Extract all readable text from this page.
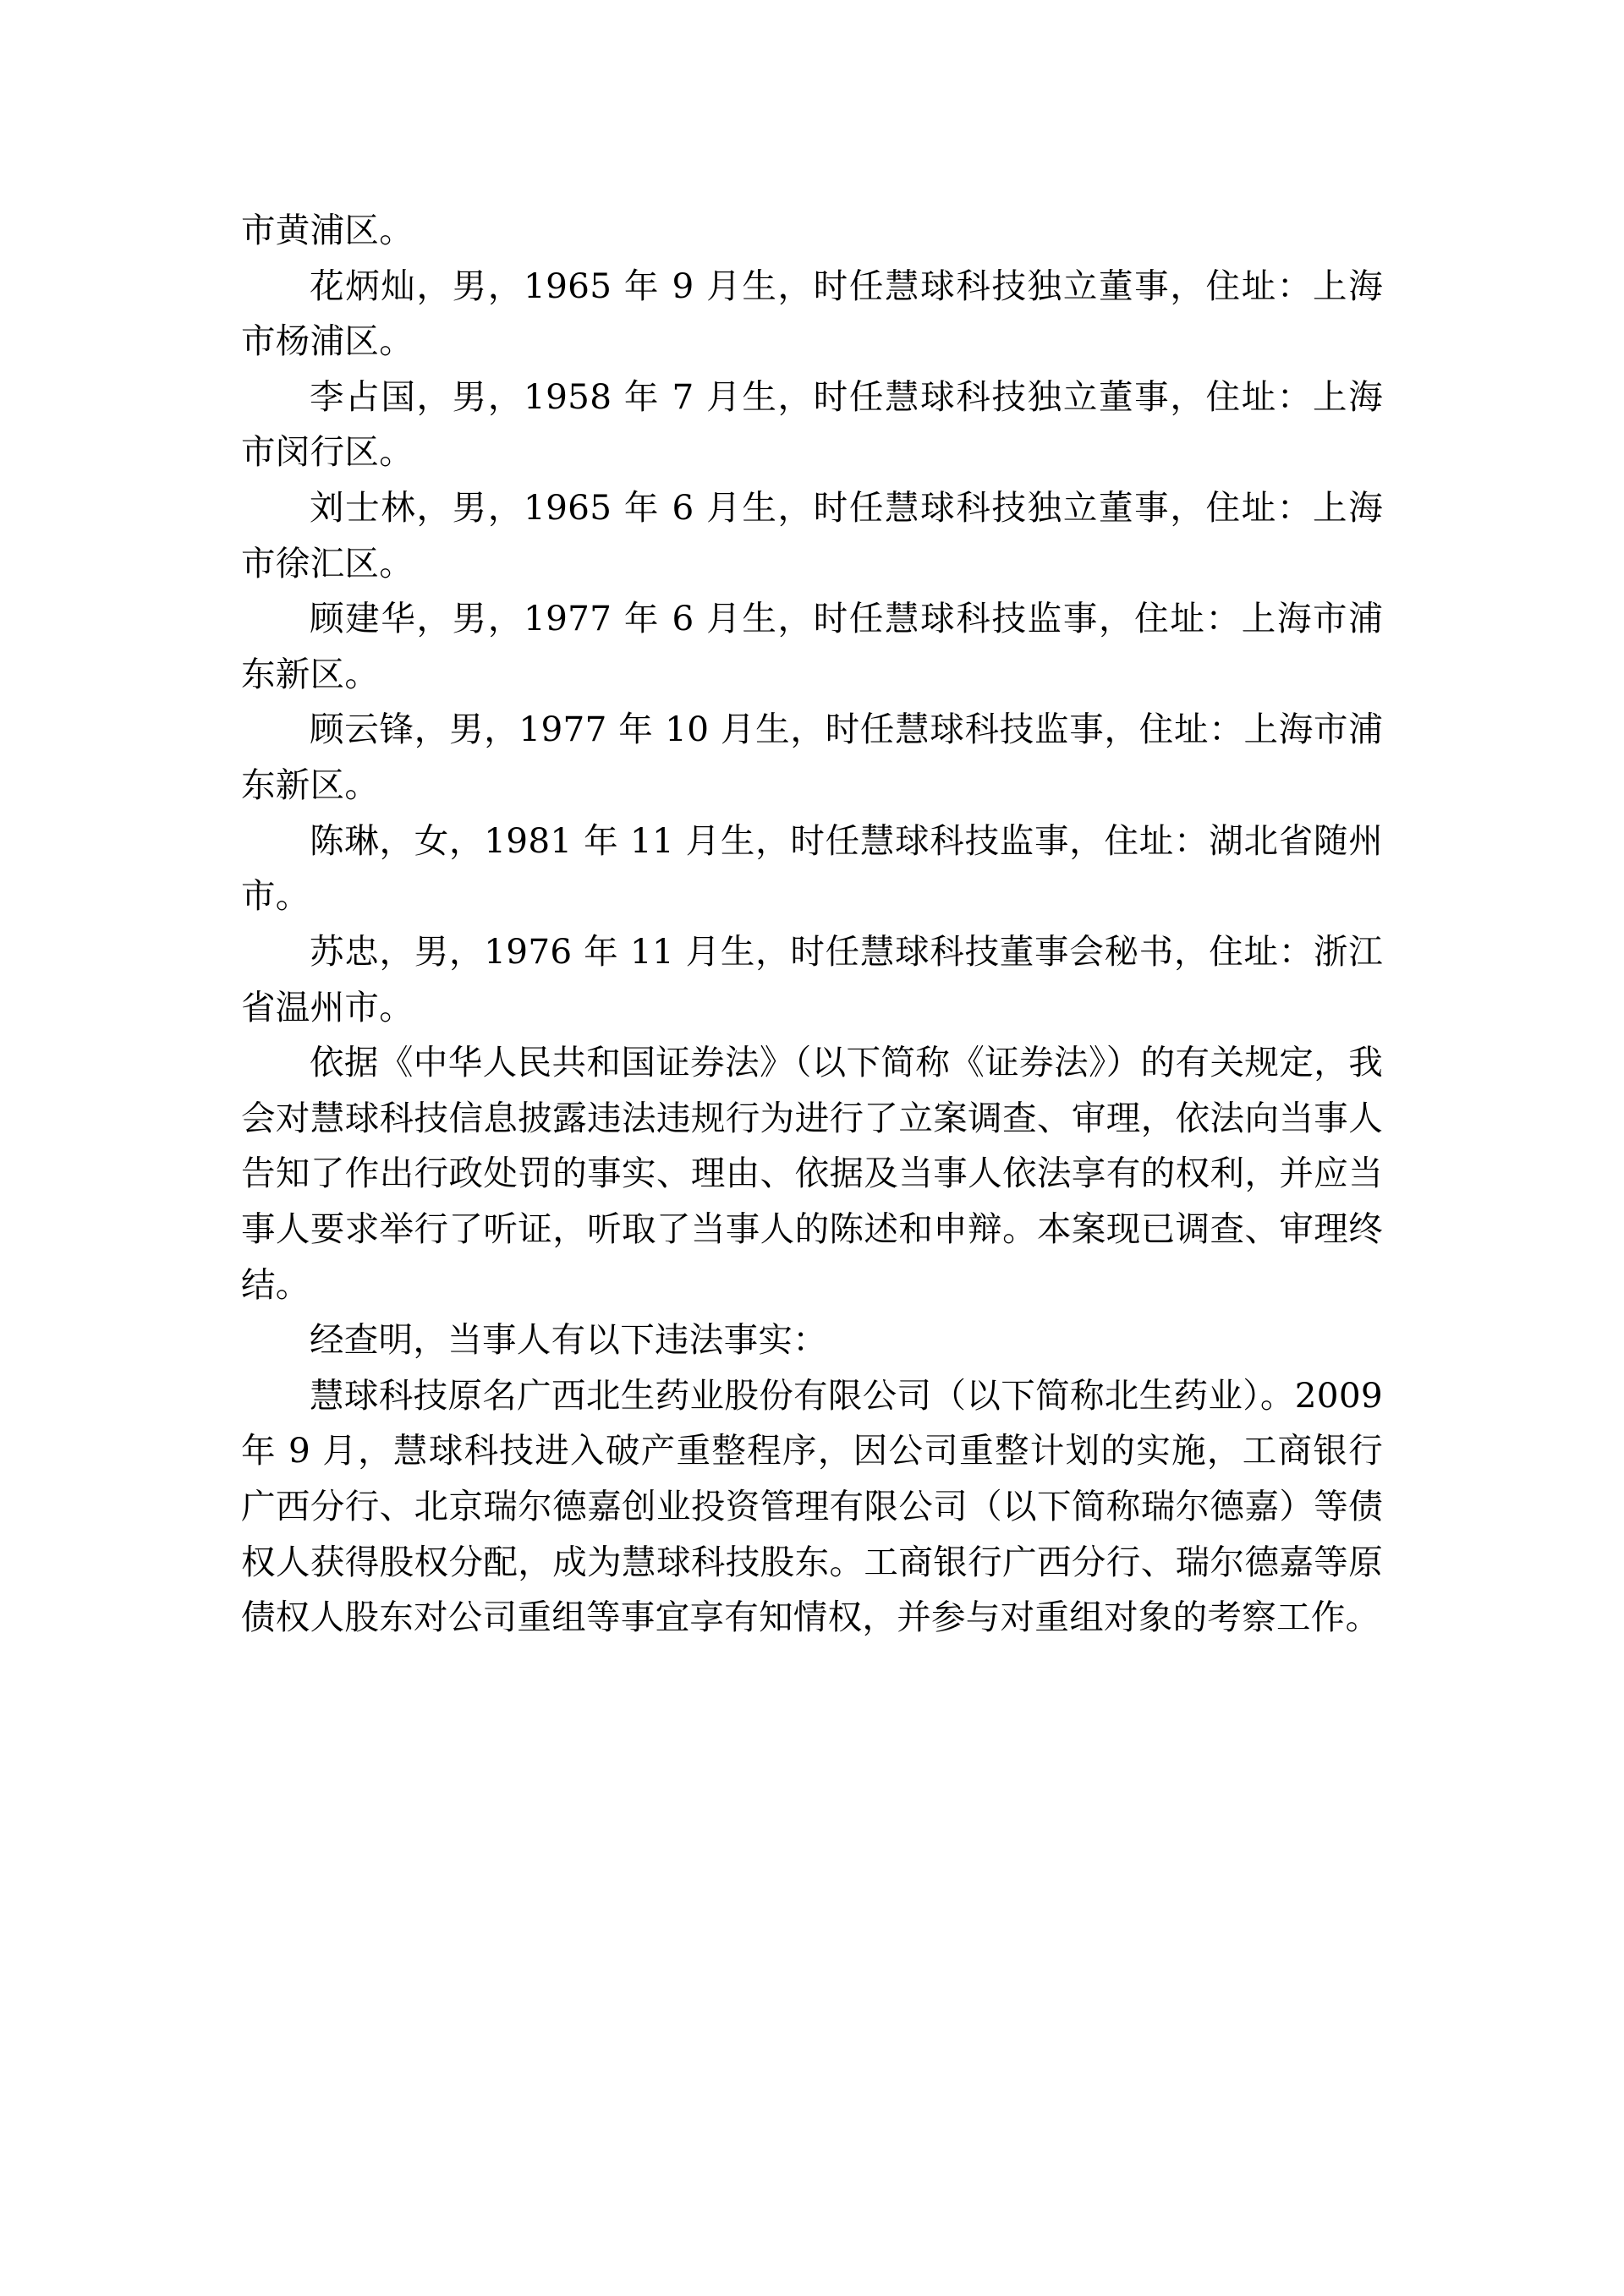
市黄浦区。

花炳灿，男，1965 年 9 月生，时任慧球科技独立董事，住址：上海市杨浦区。

李占国，男，1958 年 7 月生，时任慧球科技独立董事，住址：上海市闵行区。

刘士林，男，1965 年 6 月生，时任慧球科技独立董事，住址：上海市徐汇区。

顾建华，男，1977 年 6 月生，时任慧球科技监事，住址：上海市浦东新区。

顾云锋，男，1977 年 10 月生，时任慧球科技监事，住址：上海市浦东新区。

陈琳，女，1981 年 11 月生，时任慧球科技监事，住址：湖北省随州市。

苏忠，男，1976 年 11 月生，时任慧球科技董事会秘书，住址：浙江省温州市。

依据《中华人民共和国证券法》（以下简称《证券法》）的有关规定，我会对慧球科技信息披露违法违规行为进行了立案调查、审理，依法向当事人告知了作出行政处罚的事实、理由、依据及当事人依法享有的权利，并应当事人要求举行了听证，听取了当事人的陈述和申辩。本案现已调查、审理终结。

经查明，当事人有以下违法事实：

慧球科技原名广西北生药业股份有限公司（以下简称北生药业）。2009 年 9 月，慧球科技进入破产重整程序，因公司重整计划的实施，工商银行广西分行、北京瑞尔德嘉创业投资管理有限公司（以下简称瑞尔德嘉）等债权人获得股权分配，成为慧球科技股东。工商银行广西分行、瑞尔德嘉等原债权人股东对公司重组等事宜享有知情权，并参与对重组对象的考察工作。
